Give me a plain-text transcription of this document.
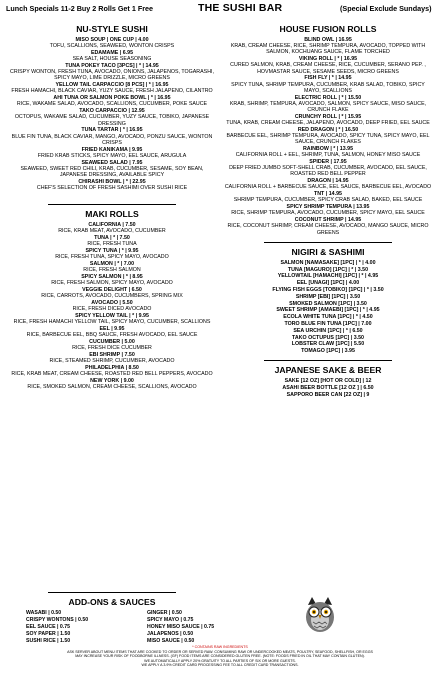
Lunch Specials 11-2 Buy 2 Rolls Get 1 Free	THE SUSHI BAR	(Special Exclude Sundays)
NU-STYLE SUSHI
MISO SOUP | ONE CUP | 4.00
TOFU, SCALLIONS, SEAWEED, WONTON CRISPS
EDAMAME | 6.95
SEA SALT, HOUSE SEASONING
TUNA POKEY TACO [3PCS] | * | 14.95
CRISPY WONTON, FRESH TUNA, AVOCADO, ONIONS, JALAPENOS, TOGARASHI, SPICY MAYO, LIME DRIZZLE, MICRO GREENS
YELLOW TAIL CARPACCIO [8 PCS] | * | 16.95
FRESH HAMACHI, BLACK CAVIAR, YUZY SAUCE, FRESH JALAPENO, CILANTRO
AHI TUNA OR SALMON POKE BOWL | * | 16.95
RICE, WAKAME SALAD, AVOCADO, SCALLIONS, CUCUMBER, POKE SAUCE
TAKO CARPACCIO | 12.95
OCTOPUS, WAKAME SALAD, CUCUMBER, YUZY SAUCE, TOBIKO, JAPANESE DRESSING
TUNA TARTAR | * | 16.95
BLUE FIN TUNA, BLACK CAVIAR, MANGO, AVOCADO, PONZU SAUCE, WONTON CRISPS
FRIED KANIKAMA | 9.95
FRIED KRAB STICKS, SPICY MAYO, EEL SAUCE, ARUGULA
SEAWEED SALAD | 7.95
SEAWEED, SWEET RED CHILI, KRAB, CUCUMBER, SESAME, SOY BEAN, JAPANESE DRESSING, AVAILABLE SPICY
CHIRASHI BOWL | * | 22.95
CHEF'S SELECTION OF FRESH SASHIMI OVER SUSHI RICE
MAKI ROLLS
CALIFORNIA | 7.50
RICE, KRAB MEAT, AVOCADO, CUCUMBER
TUNA | * | 7.50
RICE, FRESH TUNA
SPICY TUNA | * | 9.95
RICE, FRESH TUNA, SPICY MAYO, AVOCADO
SALMON | * | 7.00
RICE, FRESH SALMON
SPICY SALMON | * | 8.95
RICE, FRESH SALMON, SPICY MAYO, AVOCADO
VEGGIE DELIGHT | 6.50
RICE, CARROTS, AVOCADO, CUCUMBERS, SPRING MIX
AVOCADO | 5.50
RICE, FRESH DICED AVOCADO
SPICY YELLOW TAIL | * | 9.95
RICE, FRESH HAMACHI YELLOW TAIL, SPICY MAYO, CUCUMBER, SCALLIONS
EEL | 9.95
RICE, BARBECUE EEL, BBQ SAUCE, FRESH AVOCADO, EEL SAUCE
CUCUMBER | 5.00
RICE, FRESH DICE CUCUMBER
EBI SHRIMP | 7.50
RICE, STEAMED SHRIMP, CUCUMBER, AVOCADO
PHILADELPHIA | 8.50
RICE, KRAB MEAT, CREAM CHEESE, ROASTED RED BELL PEPPERS, AVOCADO
NEW YORK | 9.00
RICE, SMOKED SALMON, CREAM CHEESE, SCALLIONS, AVOCADO
HOUSE FUSION ROLLS
BLIND OWL | 16.95
KRAB, CREAM CHEESE, RICE, SHRIMP TEMPURA, AVOCADO, TOPPED WITH SALMON, KOCHUANG SAUCE, FLAME TORCHED
VIKING ROLL | * | 16.95
CURED SALMON, KRAB, CREAM CHEESE, RICE, CUCUMBER, SERANO PEP. , HOVMASTAR SAUCE, SESAME SEEDS, MICRO GREENS
FISH FLY | * | 14.95
SPICY TUNA, SHRIMP TEMPURA, CUCUMBER, KRAB SALAD, TOBIKO, SPICY MAYO, SCALLIONS
ELECTRIC ROLL | * | 15.50
KRAB, SHRIMP, TEMPURA, AVOCADO, SALMON, SPICY SAUCE, MISO SAUCE, CRUNCH FLAKE
CRUNCHY ROLL | * | 15.95
TUNA, KRAB, CREAM CHEESE, JALAPENO, AVOCADO, DEEP FRIED, EEL SAUCE
RED DRAGON | * | 16.50
BARBECUE EEL, SHRIMP TEMPURA, AVOCADO, SPICY TUNA, SPICY MAYO, EEL SAUCE, CRUNCH FLAKES
RAINBOW | * | 13.95
CALIFORNIA ROLL + EEL, SHRIMP, TUNA, SALMON, HONEY MISO SAUCE
SPIDER | 17.95
DEEP FRIED JUMBO SOFT-SHELL CRAB, CUCUMBER, AVOCADO, EEL SAUCE, ROASTED RED BELL PEPPER
DRAGON | 14.95
CALIFORNIA ROLL + BARBECUE SAUCE, EEL SAUCE, BARBECUE EEL, AVOCADO
TNT | 14.95
SHRIMP TEMPURA, CUCUMBER, SPICY CRAB SALAD, BAKED, EEL SAUCE
SPICY SHRIMP TEMPURA | 13.95
RICE, SHRIMP TEMPURA, AVOCADO, CUCUMBER, SPICY MAYO, EEL SAUCE
COCONUT SHRIMP | 14.95
RICE, COCONUT SHRIMP, CREAM CHEESE, AVOCADO, MANGO SAUCE, MICRO GREENS
NIGIRI & SASHIMI
SALMON [NAMASAKE] [1PC] | * | 4.00
TUNA [MAGURO] [1PC] | * | 3.50
YELLOWTAIL [HAMACHI] [1PC] | * | 4.95
EEL [UNAGI] [1PC] | 4.00
FLYING FISH EGGS [TOBIKO] [1PC] | * | 3.50
SHRIMP [EBI] [1PC] | 3.50
SMOKED SALMON [1PC] | 3.50
SWEET SHRIMP [AMAEBI] [1PC] | * | 4.95
ECOLA WHITE TUNA [1PC] | * | 4.50
TORO BLUE FIN TUNA [1PC] | 7.00
SEA URCHIN [1PC] | * | 6.50
TAKO OCTUPUS [1PC] | 3.50
LOBSTER CLAW [1PC] | 5.50
TOMAGO [1PC] | 3.95
JAPANESE SAKE & BEER
SAKE [12 OZ] [HOT OR COLD] | 12
ASAHI BEER BOTTLE [12 OZ ] | 6.50
SAPPORO BEER CAN [22 OZ] | 9
ADD-ONS & SAUCES
WASABI | 0.50	GINGER | 0.50
CRISPY WONTONS | 0.50	SPICY MAYO | 0.75
EEL SAUCE | 0.75	HONEY MISO SAUCE | 0.75
SOY PAPER | 1.50	JALAPENOS | 0.50
SUSHI RICE | 1.50	MISO SAUCE | 0.50
* CONTAINS RAW INGREDIENTS
ASK SERVER ABOUT MENU ITEMS THAT ARE COOKED TO ORDER OR SERVED RAW. CONSUMING RAW OR UNDERCOOKED MEATS, POULTRY, SEAFOOD, SHELLFISH, OR EGGS
MAY INCREASE YOUR RISK OF FOODBORNE ILLNESS. (GF) FOOD ITEMS ARE CONSIDERED GLUTEN FREE. (NOTE: FOODS FRIED IN OIL THAT MAY CONTAIN GLUTEN).
WE AUTOMATICALLY APPLY 20% GRATUITY TO ALL PARTIES OF SIX OR MORE GUESTS.
WE APPLY A 3.9% CREDIT CARD PROCESSING FEE TO ALL CREDIT CARD TRANSACTIONS.
